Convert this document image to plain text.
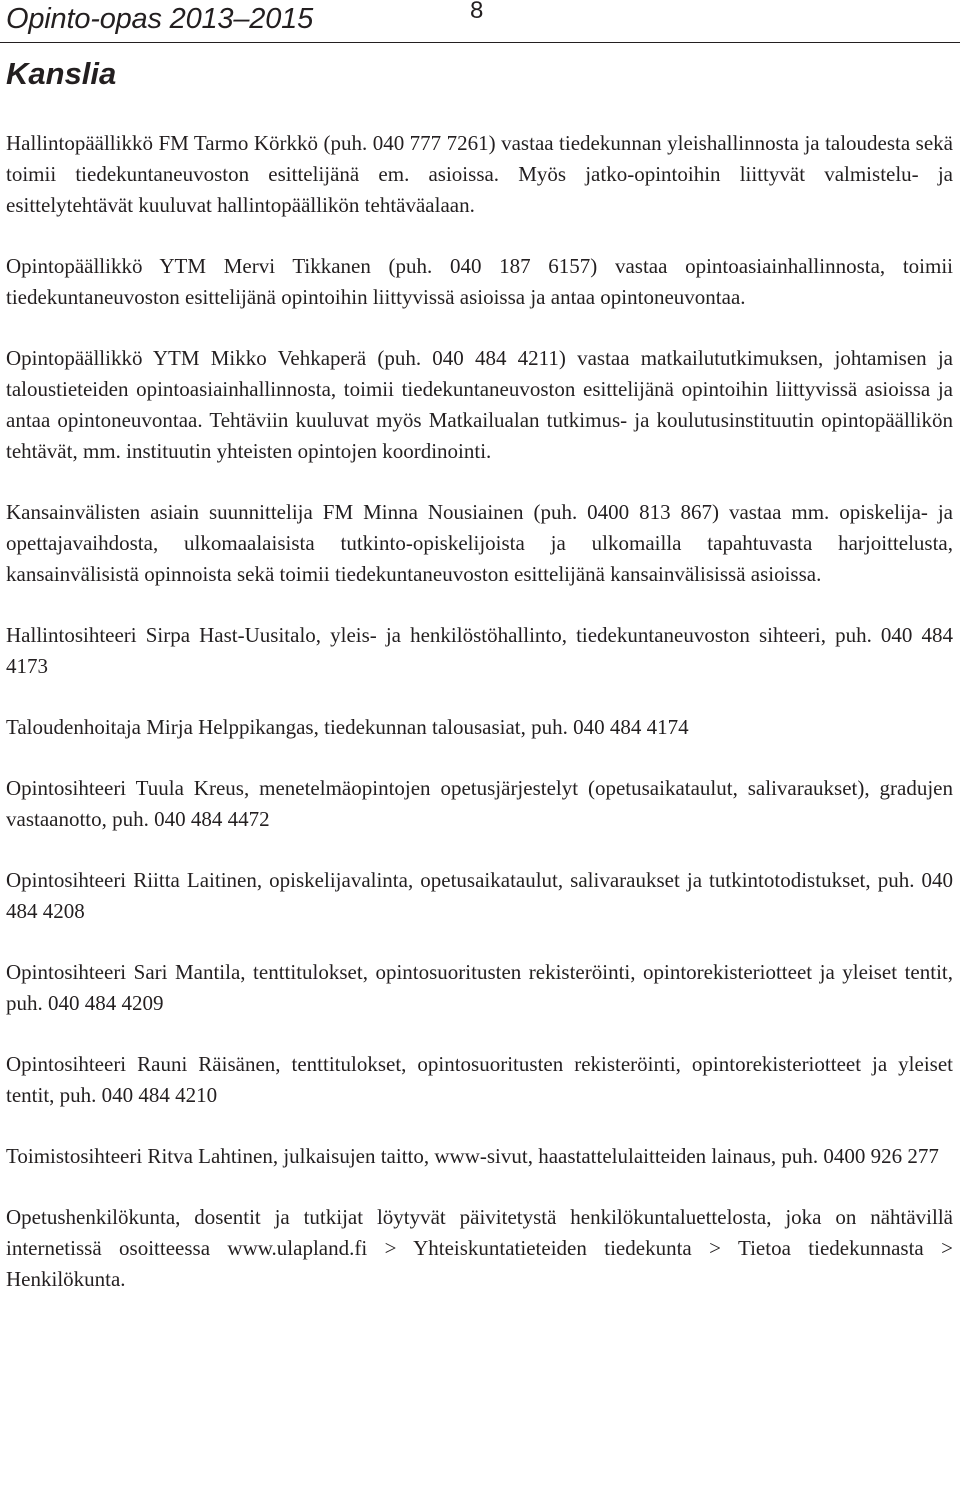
Opinto-opas 2013–2015	8
Kanslia

Hallintopäällikkö FM Tarmo Körkkö (puh. 040 777 7261) vastaa tiedekunnan yleishallinnosta ja taloudesta sekä toimii tiedekuntaneuvoston esittelijänä em. asioissa. Myös jatko-opintoihin liittyvät valmistelu- ja esittelytehtävät kuuluvat hallintopäällikön tehtäväalaan.

Opintopäällikkö YTM Mervi Tikkanen (puh. 040 187 6157) vastaa opintoasiainhallinnosta, toimii tiedekuntaneuvoston esittelijänä opintoihin liittyvissä asioissa ja antaa opintoneuvontaa.

Opintopäällikkö YTM Mikko Vehkaperä (puh. 040 484 4211) vastaa matkailututkimuksen, johtamisen ja taloustieteiden opintoasiainhallinnosta, toimii tiedekuntaneuvoston esittelijänä opintoihin liittyvissä asioissa ja antaa opintoneuvontaa. Tehtäviin kuuluvat myös Matkailualan tutkimus- ja koulutusinstituutin opintopäällikön tehtävät, mm. instituutin yhteisten opintojen koordinointi.

Kansainvälisten asiain suunnittelija FM Minna Nousiainen (puh. 0400 813 867) vastaa mm. opiskelija- ja opettajavaihdosta, ulkomaalaisista tutkinto-opiskelijoista ja ulkomailla tapahtuvasta harjoittelusta, kansainvälisistä opinnoista sekä toimii tiedekuntaneuvoston esittelijänä kansainvälisissä asioissa.

Hallintosihteeri Sirpa Hast-Uusitalo, yleis- ja henkilöstöhallinto, tiedekuntaneuvoston sihteeri, puh. 040 484 4173

Taloudenhoitaja Mirja Helppikangas, tiedekunnan talousasiat, puh. 040 484 4174

Opintosihteeri Tuula Kreus, menetelmäopintojen opetusjärjestelyt (opetusaikataulut, salivaraukset), gradujen vastaanotto, puh. 040 484 4472

Opintosihteeri Riitta Laitinen, opiskelijavalinta, opetusaikataulut, salivaraukset ja tutkintotodistukset, puh. 040 484 4208

Opintosihteeri Sari Mantila, tenttitulokset, opintosuoritusten rekisteröinti, opintorekisteriotteet ja yleiset tentit, puh. 040 484 4209

Opintosihteeri Rauni Räisänen, tenttitulokset, opintosuoritusten rekisteröinti, opintorekisteriotteet ja yleiset tentit, puh. 040 484 4210

Toimistosihteeri Ritva Lahtinen, julkaisujen taitto, www-sivut, haastattelulaitteiden lainaus, puh. 0400 926 277

Opetushenkilökunta, dosentit ja tutkijat löytyvät päivitetystä henkilökuntaluettelosta, joka on nähtävillä internetissä osoitteessa www.ulapland.fi > Yhteiskuntatieteiden tiedekunta > Tietoa tiedekunnasta > Henkilökunta.
